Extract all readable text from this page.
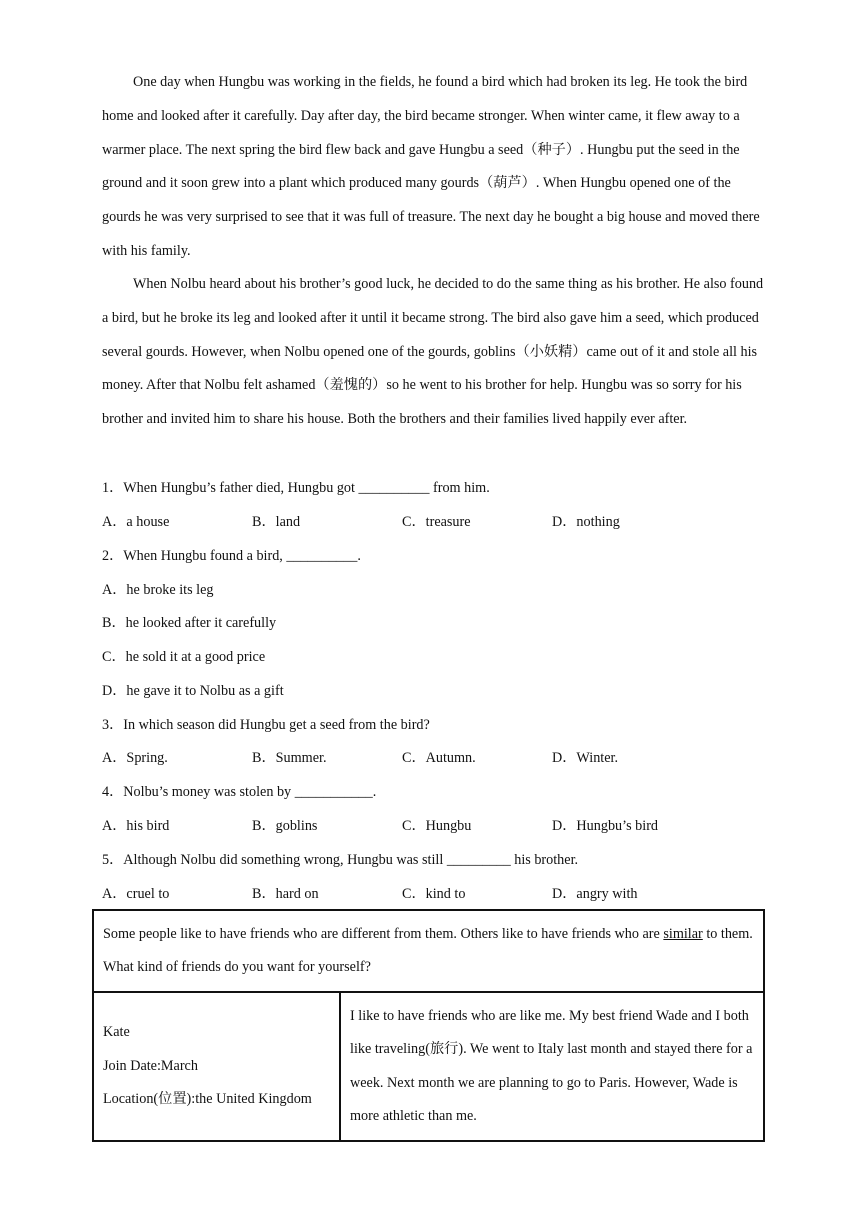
One day when Hungbu was working in the fields, he found a bird which had broken its leg. He took the bird home and looked after it carefully. Day after day, the bird became stronger. When winter came, it flew away to a warmer place. The next spring the bird flew back and gave Hungbu a seed（种子）. Hungbu put the seed in the ground and it soon grew into a plant which produced many gourds（葫芦）. When Hungbu opened one of the gourds he was very surprised to see that it was full of treasure. The next day he bought a big house and moved there with his family.

When Nolbu heard about his brother’s good luck, he decided to do the same thing as his brother. He also found a bird, but he broke its leg and looked after it until it became strong. The bird also gave him a seed, which produced several gourds. However, when Nolbu opened one of the gourds, goblins（小妖精）came out of it and stole all his money. After that Nolbu felt ashamed（羞愧的）so he went to his brother for help. Hungbu was so sorry for his brother and invited him to share his house. Both the brothers and their families lived happily ever after.

1．When Hungbu’s father died, Hungbu got __________ from him.
A．a house	B．land	C．treasure	D．nothing
2．When Hungbu found a bird, __________.
A．he broke its leg
B．he looked after it carefully
C．he sold it at a good price
D．he gave it to Nolbu as a gift
3．In which season did Hungbu get a seed from the bird?
A．Spring.	B．Summer.	C．Autumn.	D．Winter.
4．Nolbu’s money was stolen by ___________.
A．his bird	B．goblins	C．Hungbu	D．Hungbu’s bird
5．Although Nolbu did something wrong, Hungbu was still _________ his brother.
A．cruel to	B．hard on	C．kind to	D．angry with
Some people like to have friends who are different from them. Others like to have friends who are similar to them. What kind of friends do you want for yourself?

Kate
Join Date:March
Location(位置):the United Kingdom
	I like to have friends who are like me. My best friend Wade and I both like traveling(旅行). We went to Italy last month and stayed there for a week. Next month we are planning to go to Paris. However, Wade is more athletic than me.
